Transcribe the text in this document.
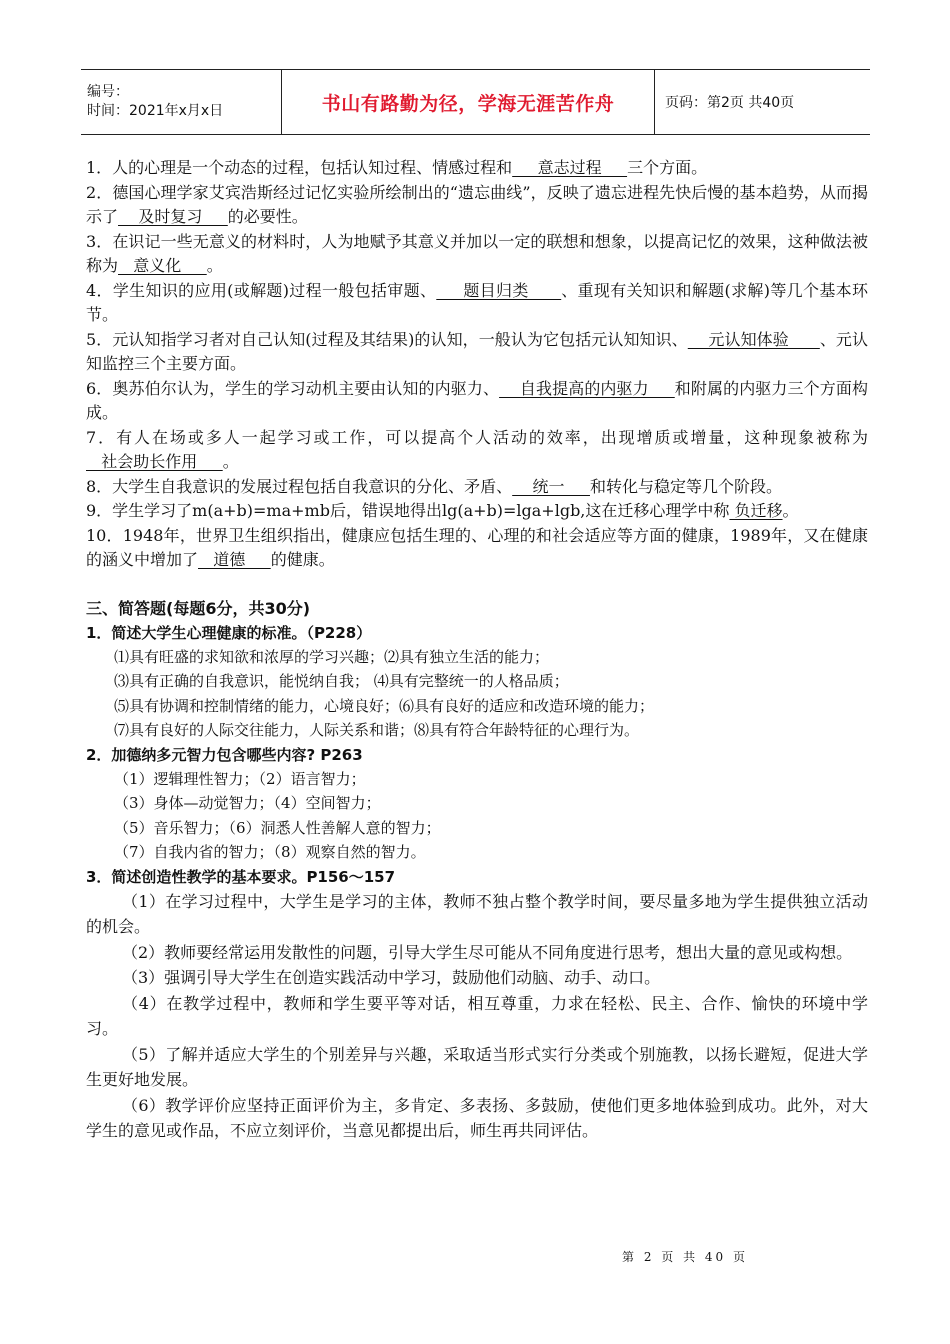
编号：
时间：2021年x月x日	书山有路勤为径，学海无涯苦作舟	页码：第2页 共40页

1．人的心理是一个动态的过程，包括认知过程、情感过程和     意志过程     三个方面。

2．德国心理学家艾宾浩斯经过记忆实验所绘制出的“遗忘曲线”，反映了遗忘进程先快后慢的基本趋势，从而揭示了    及时复习     的必要性。

3．在识记一些无意义的材料时，人为地赋予其意义并加以一定的联想和想象，以提高记忆的效果，这种做法被称为   意义化     。

4．学生知识的应用(或解题)过程一般包括审题、     题目归类      、重现有关知识和解题(求解)等几个基本环节。

5．元认知指学习者对自己认知(过程及其结果)的认知，一般认为它包括元认知知识、    元认知体验      、元认知监控三个主要方面。

6．奥苏伯尔认为，学生的学习动机主要由认知的内驱力、    自我提高的内驱力     和附属的内驱力三个方面构成。

7．有人在场或多人一起学习或工作，可以提高个人活动的效率，出现增质或增量，这种现象被称为   社会助长作用     。

8．大学生自我意识的发展过程包括自我意识的分化、矛盾、    统一     和转化与稳定等几个阶段。

9．学生学习了m(a+b)=ma+mb后，错误地得出lg(a+b)=lga+lgb,这在迁移心理学中称 负迁移。

10．1948年，世界卫生组织指出，健康应包括生理的、心理的和社会适应等方面的健康，1989年，又在健康的涵义中增加了   道德     的健康。

三、简答题(每题6分，共30分)
1．简述大学生心理健康的标准。（P228）
⑴具有旺盛的求知欲和浓厚的学习兴趣；⑵具有独立生活的能力；
⑶具有正确的自我意识，能悦纳自我； ⑷具有完整统一的人格品质；
⑸具有协调和控制情绪的能力，心境良好；⑹具有良好的适应和改造环境的能力；
⑺具有良好的人际交往能力，人际关系和谐；⑻具有符合年龄特征的心理行为。
2．加德纳多元智力包含哪些内容? P263
（1）逻辑理性智力；（2）语言智力；
（3）身体—动觉智力；（4）空间智力；
（5）音乐智力；（6）洞悉人性善解人意的智力；
（7）自我内省的智力；（8）观察自然的智力。
3．简述创造性教学的基本要求。P156～157

（1）在学习过程中，大学生是学习的主体，教师不独占整个教学时间，要尽量多地为学生提供独立活动的机会。

（2）教师要经常运用发散性的问题，引导大学生尽可能从不同角度进行思考，想出大量的意见或构想。

（3）强调引导大学生在创造实践活动中学习，鼓励他们动脑、动手、动口。

（4）在教学过程中，教师和学生要平等对话，相互尊重，力求在轻松、民主、合作、愉快的环境中学习。

（5）了解并适应大学生的个别差异与兴趣，采取适当形式实行分类或个别施教，以扬长避短，促进大学生更好地发展。

（6）教学评价应坚持正面评价为主，多肯定、多表扬、多鼓励，使他们更多地体验到成功。此外，对大学生的意见或作品，不应立刻评价，当意见都提出后，师生再共同评估。

第 2 页 共 40 页
